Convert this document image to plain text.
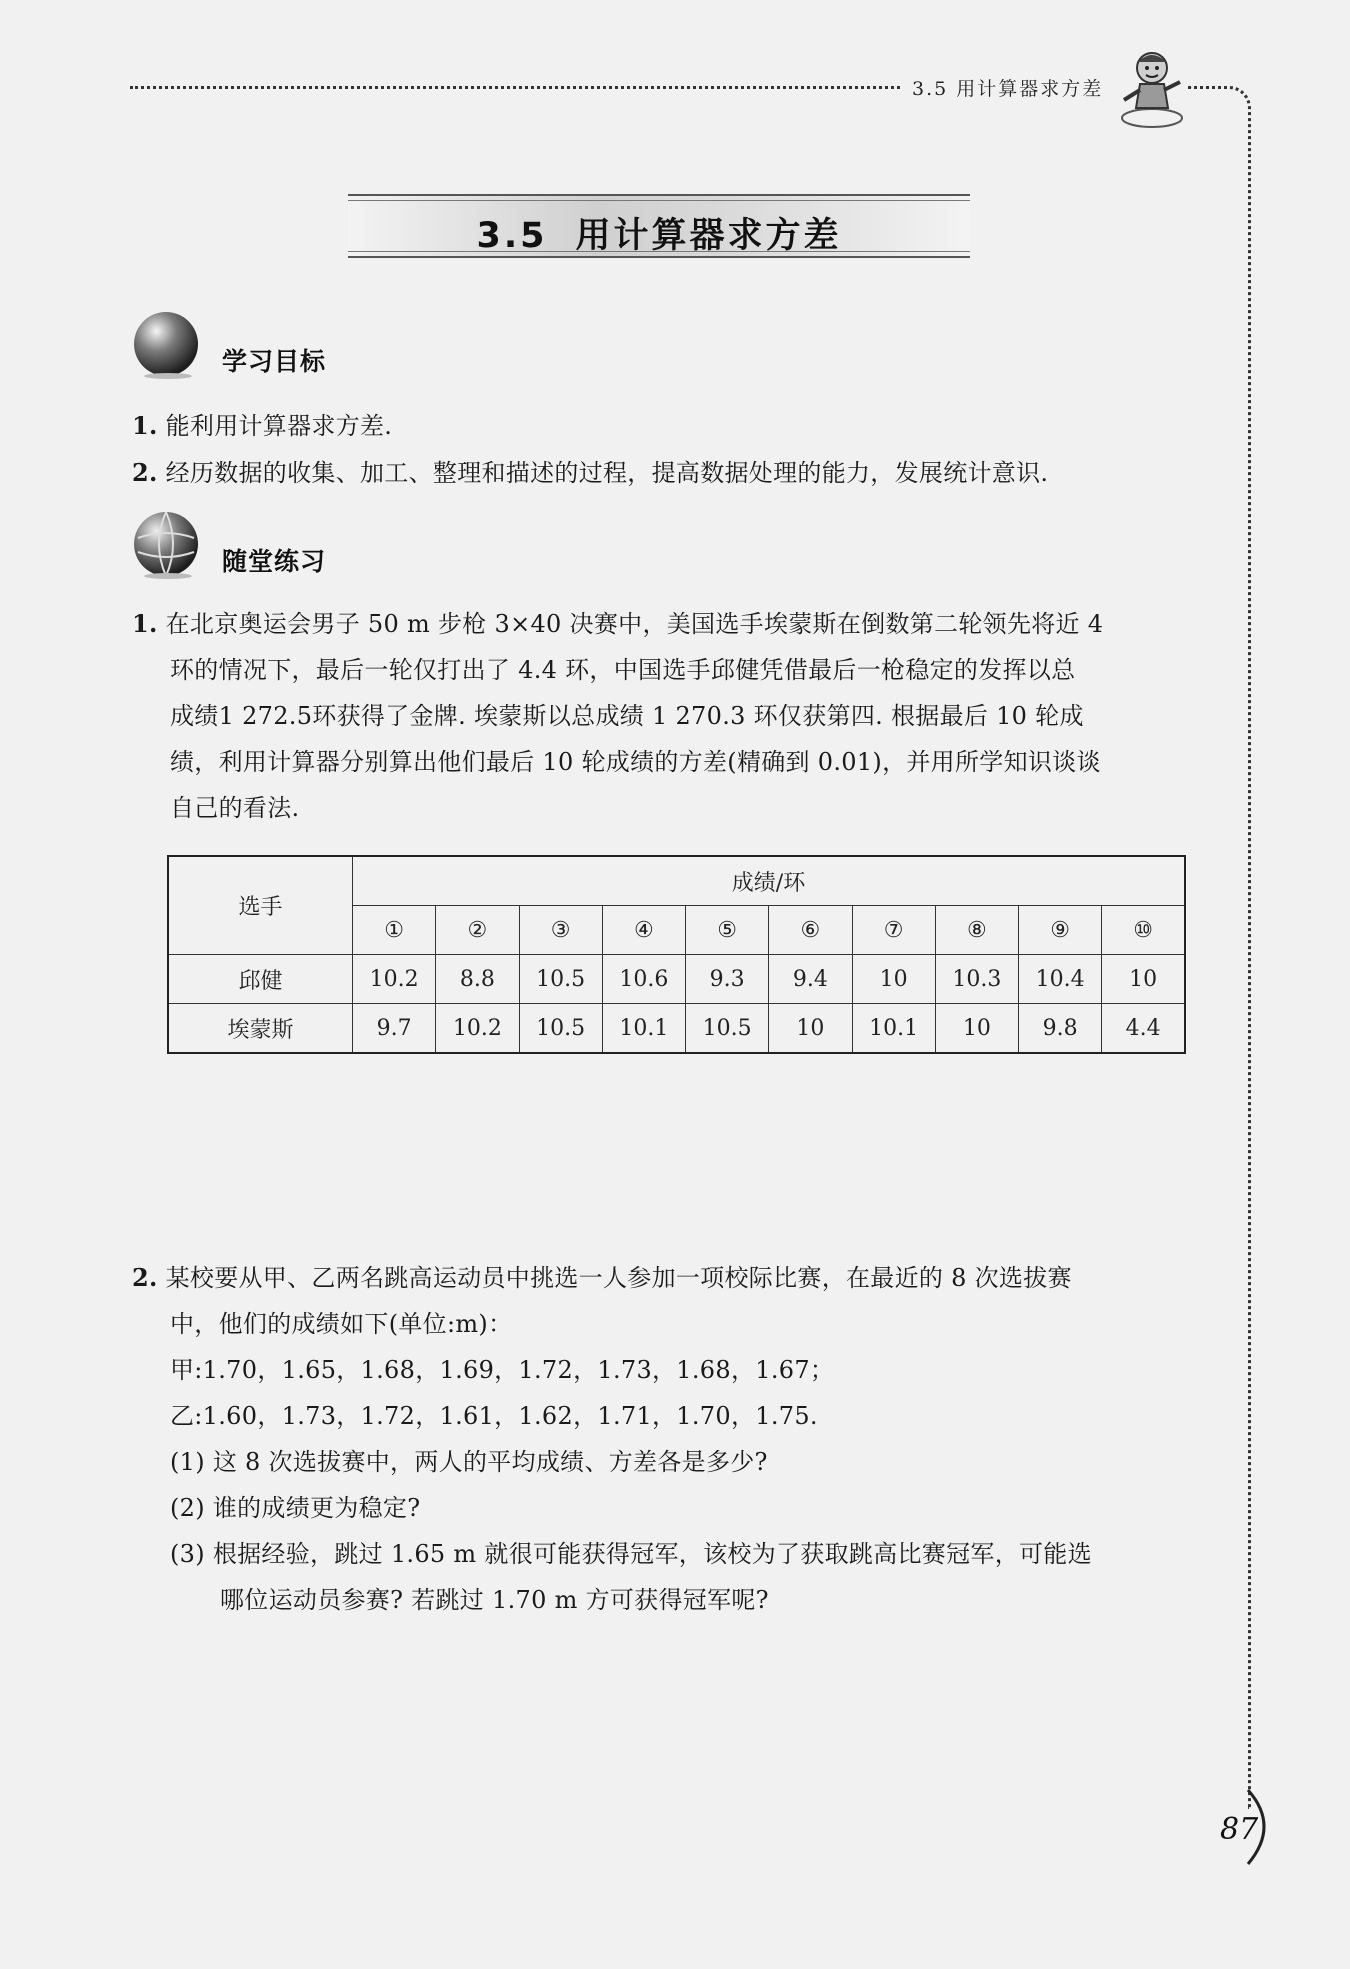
3.5 用计算器求方差
3.5 用计算器求方差
学习目标
1. 能利用计算器求方差.
2. 经历数据的收集、加工、整理和描述的过程，提高数据处理的能力，发展统计意识.
随堂练习
1. 在北京奥运会男子 50 m 步枪 3×40 决赛中，美国选手埃蒙斯在倒数第二轮领先将近 4
环的情况下，最后一轮仅打出了 4.4 环，中国选手邱健凭借最后一枪稳定的发挥以总
成绩1 272.5环获得了金牌. 埃蒙斯以总成绩 1 270.3 环仅获第四. 根据最后 10 轮成
绩，利用计算器分别算出他们最后 10 轮成绩的方差(精确到 0.01)，并用所学知识谈谈
自己的看法.
选手	成绩/环									
	①	②	③	④	⑤	⑥	⑦	⑧	⑨	⑩
邱健	10.2	8.8	10.5	10.6	9.3	9.4	10	10.3	10.4	10
埃蒙斯	9.7	10.2	10.5	10.1	10.5	10	10.1	10	9.8	4.4
2. 某校要从甲、乙两名跳高运动员中挑选一人参加一项校际比赛，在最近的 8 次选拔赛
中，他们的成绩如下(单位:m)：
甲:1.70，1.65，1.68，1.69，1.72，1.73，1.68，1.67；
乙:1.60，1.73，1.72，1.61，1.62，1.71，1.70，1.75.
(1) 这 8 次选拔赛中，两人的平均成绩、方差各是多少?
(2) 谁的成绩更为稳定?
(3) 根据经验，跳过 1.65 m 就很可能获得冠军，该校为了获取跳高比赛冠军，可能选
哪位运动员参赛? 若跳过 1.70 m 方可获得冠军呢?
87
